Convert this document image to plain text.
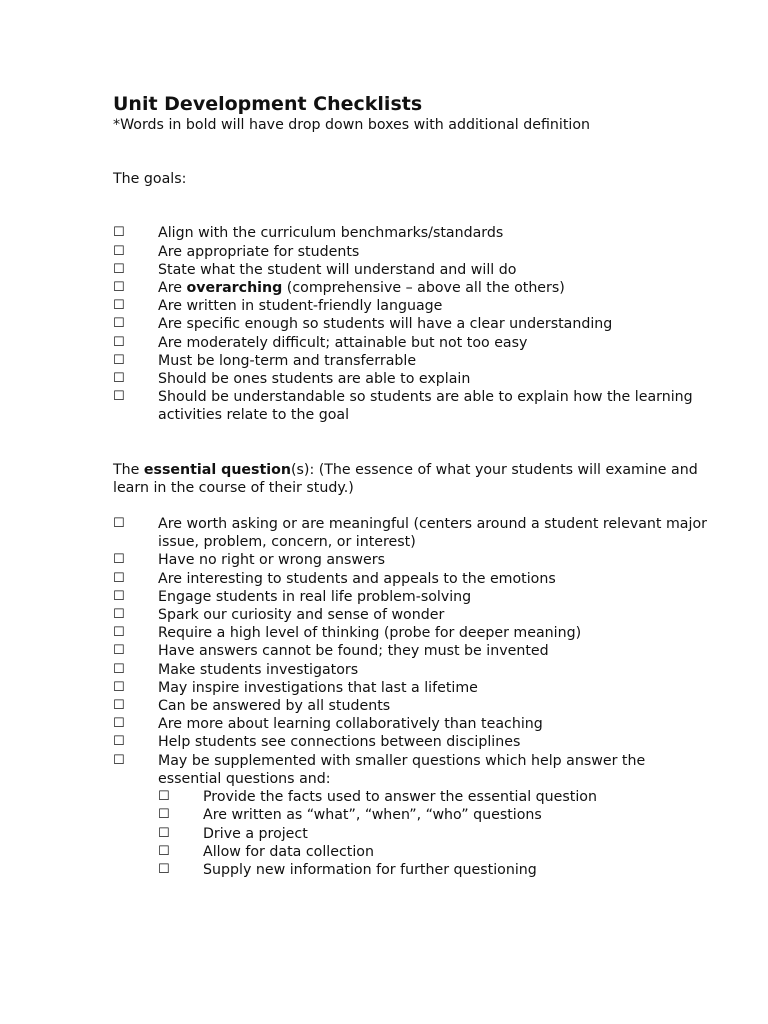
Unit Development Checklists

*Words in bold will have drop down boxes with additional definition

The goals:

☐ Align with the curriculum benchmarks/standards
☐ Are appropriate for students
☐ State what the student will understand and will do
☐ Are overarching (comprehensive – above all the others)
☐ Are written in student-friendly language
☐ Are specific enough so students will have a clear understanding
☐ Are moderately difficult; attainable but not too easy
☐ Must be long-term and transferrable
☐ Should be ones students are able to explain
☐ Should be understandable so students are able to explain how the learning activities relate to the goal

The essential question(s): (The essence of what your students will examine and learn in the course of their study.)

☐ Are worth asking or are meaningful (centers around a student relevant major issue, problem, concern, or interest)
☐ Have no right or wrong answers
☐ Are interesting to students and appeals to the emotions
☐ Engage students in real life problem-solving
☐ Spark our curiosity and sense of wonder
☐ Require a high level of thinking (probe for deeper meaning)
☐ Have answers cannot be found; they must be invented
☐ Make students investigators
☐ May inspire investigations that last a lifetime
☐ Can be answered by all students
☐ Are more about learning collaboratively than teaching
☐ Help students see connections between disciplines
☐ May be supplemented with smaller questions which help answer the essential questions and:
☐ Provide the facts used to answer the essential question
☐ Are written as “what”, “when”, “who” questions
☐ Drive a project
☐ Allow for data collection
☐ Supply new information for further questioning
